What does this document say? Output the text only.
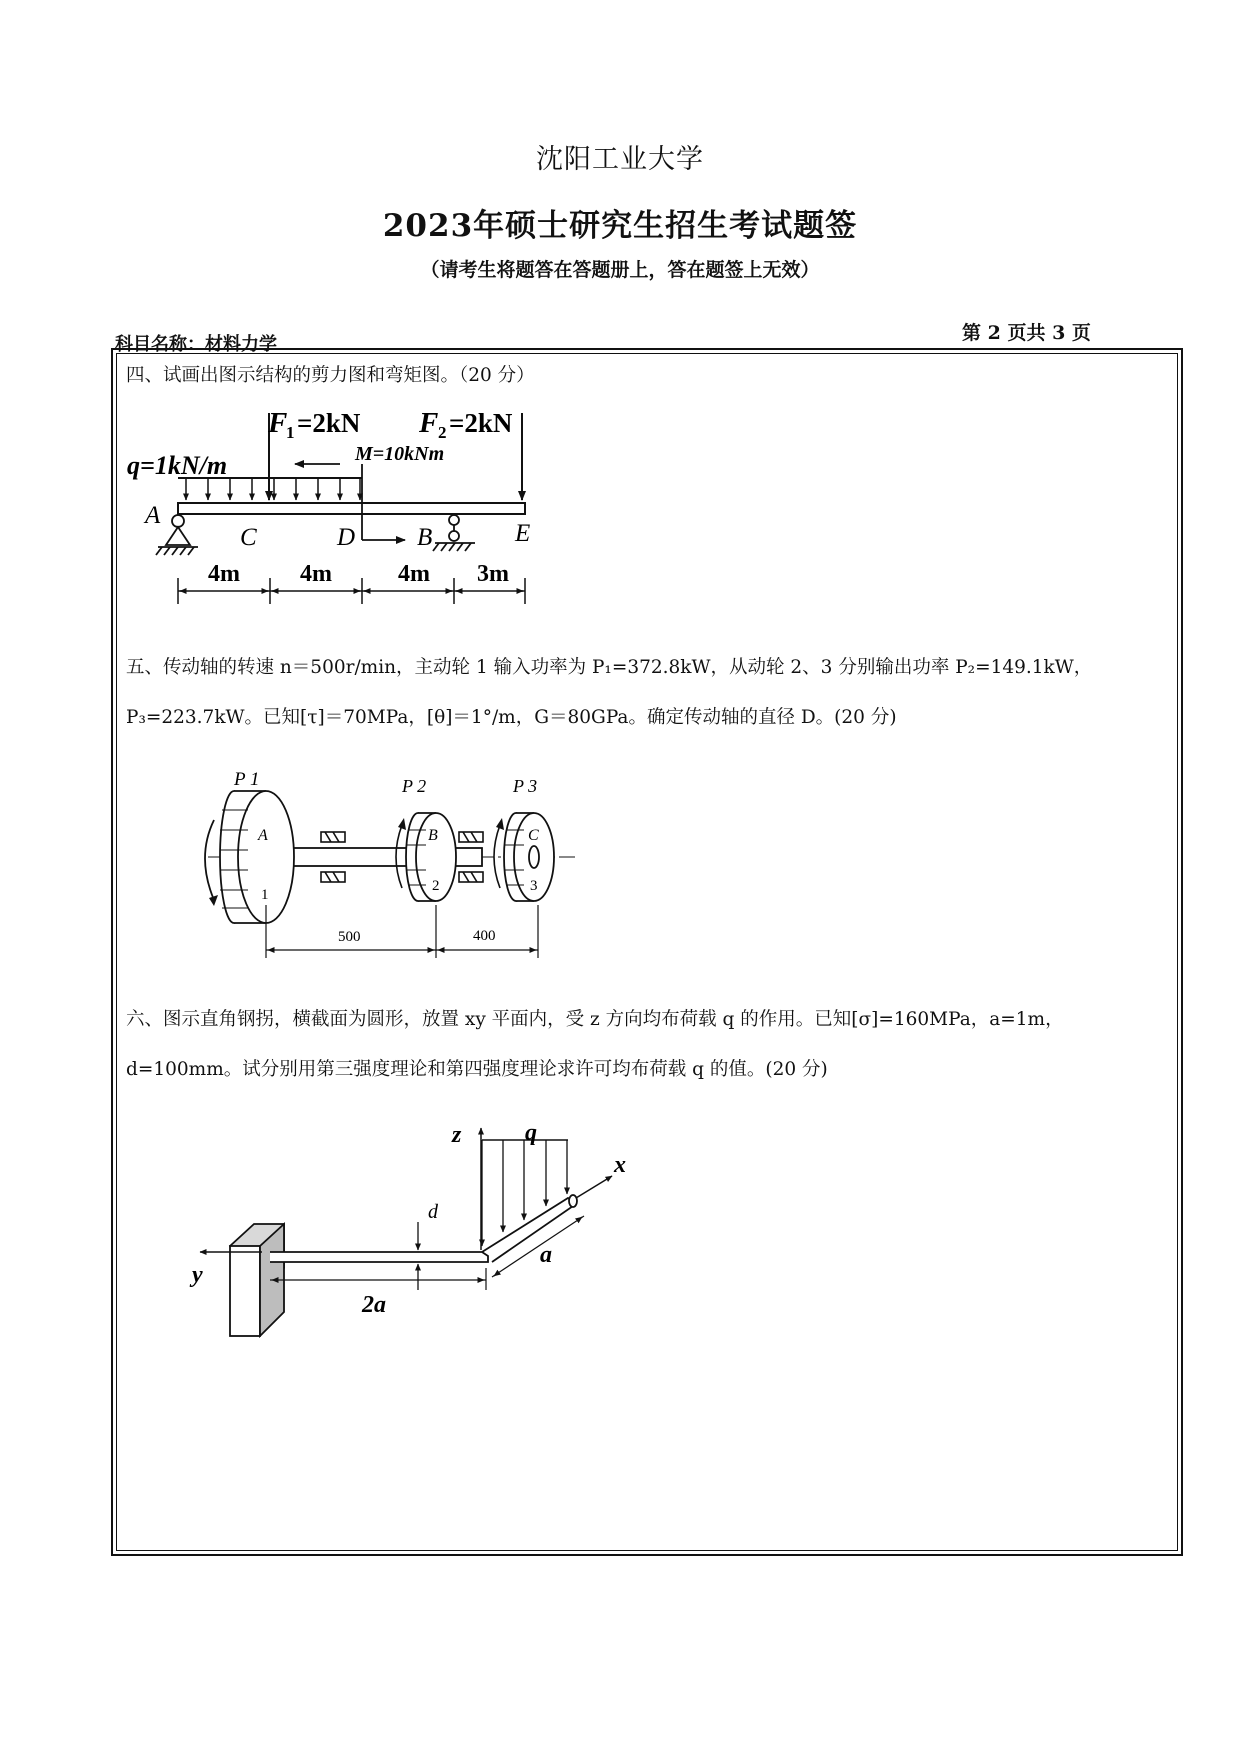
沈阳工业大学
2023年硕士研究生招生考试题签
（请考生将题答在答题册上，答在题签上无效）
科目名称：材料力学
第 2 页共 3 页
四、试画出图示结构的剪力图和弯矩图。（20 分）
五、传动轴的转速 n＝500r/min，主动轮 1 输入功率为 P₁=372.8kW，从动轮 2、3 分别输出功率 P₂=149.1kW，
P₃=223.7kW。已知[τ]＝70MPa，[θ]＝1°/m，G＝80GPa。确定传动轴的直径 D。(20 分)
六、图示直角钢拐，横截面为圆形，放置 xy 平面内，受 z 方向均布荷载 q 的作用。已知[σ]=160MPa，a=1m，
d=100mm。试分别用第三强度理论和第四强度理论求许可均布荷载 q 的值。(20 分)
F
1 =2kN F 2 =2kN
q=1kN/m	M=10kNm
A
C	D B	E
4m	4m	4m 3m
P 1	P 2	P 3
A	B	C
1
2	3
500	400
z	q
x
y
d
a
2a
